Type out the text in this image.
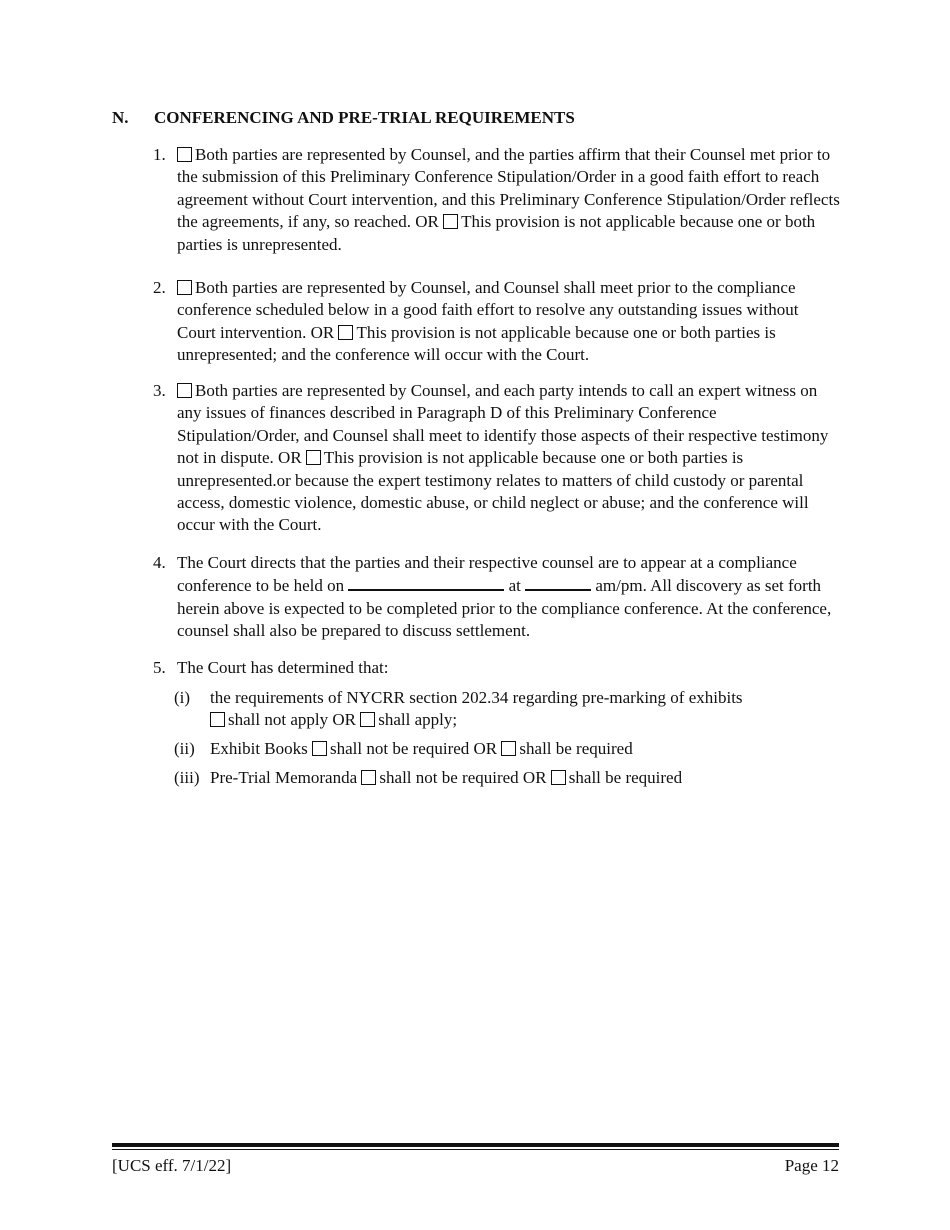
N. CONFERENCING AND PRE-TRIAL REQUIREMENTS
1.	Both parties are represented by Counsel, and the parties affirm that their Counsel met prior to the submission of this Preliminary Conference Stipulation/Order in a good faith effort to reach agreement without Court intervention, and this Preliminary Conference Stipulation/Order reflects the agreements, if any, so reached. OR This provision is not applicable because one or both parties is unrepresented.
2.	Both parties are represented by Counsel, and Counsel shall meet prior to the compliance conference scheduled below in a good faith effort to resolve any outstanding issues without Court intervention. OR This provision is not applicable because one or both parties is unrepresented; and the conference will occur with the Court.
3.	Both parties are represented by Counsel, and each party intends to call an expert witness on any issues of finances described in Paragraph D of this Preliminary Conference Stipulation/Order, and Counsel shall meet to identify those aspects of their respective testimony not in dispute. OR This provision is not applicable because one or both parties is unrepresented.or because the expert testimony relates to matters of child custody or parental access, domestic violence, domestic abuse, or child neglect or abuse; and the conference will occur with the Court.
4. The Court directs that the parties and their respective counsel are to appear at a compliance conference to be held on	at	am/pm. All discovery as set forth herein above is expected to be completed prior to the compliance conference. At the conference, counsel shall also be prepared to discuss settlement.
5. The Court has determined that:
(i) the requirements of NYCRR section 202.34 regarding pre-marking of exhibits
shall not apply OR shall apply;
(ii) Exhibit Books shall not be required OR shall be required
(iii) Pre-Trial Memoranda shall not be required OR shall be required
[UCS eff. 7/1/22]	Page 12
